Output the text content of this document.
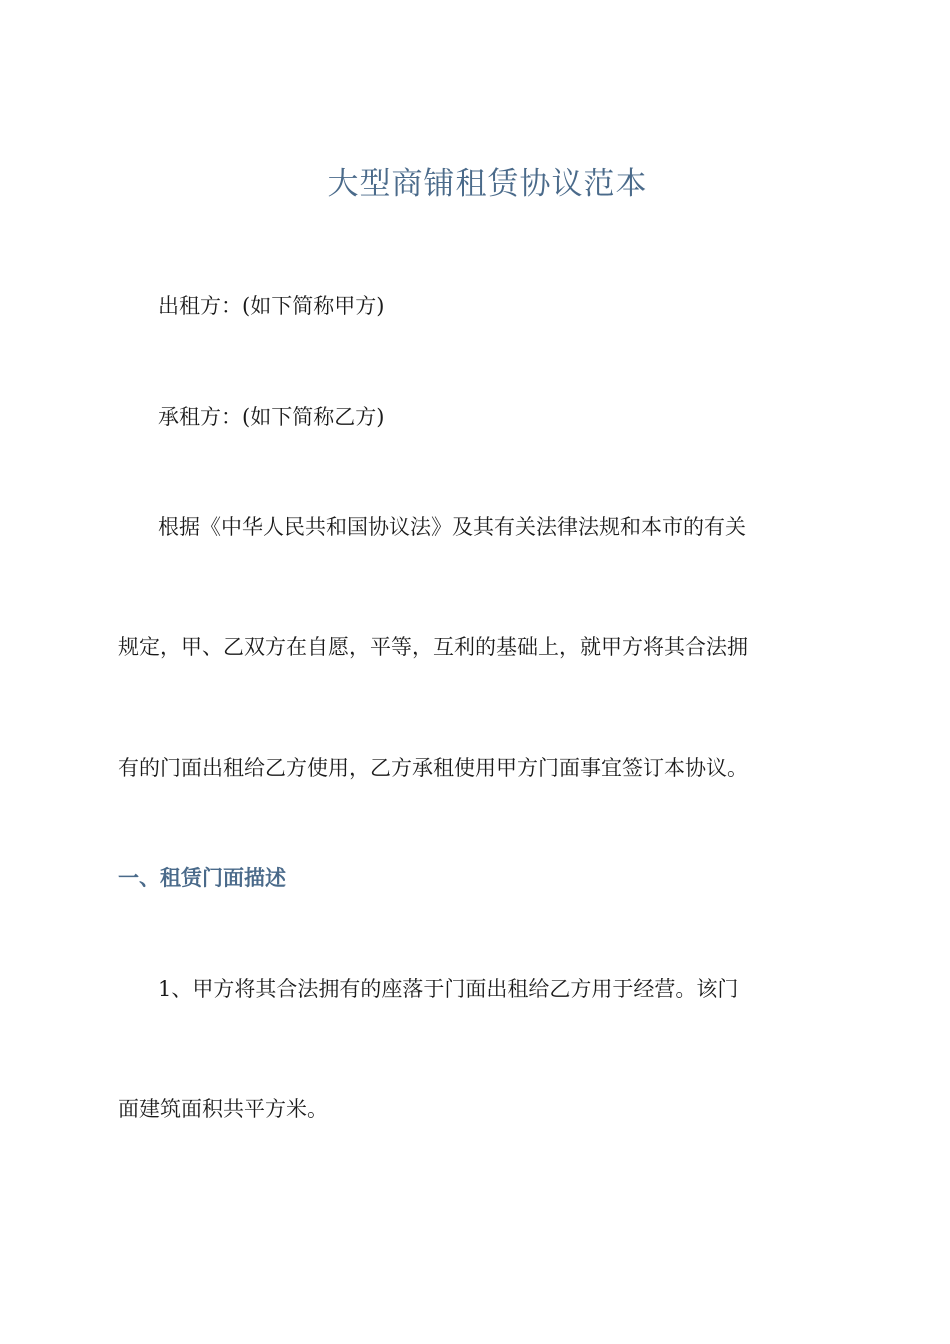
大型商铺租赁协议范本

出租方：(如下简称甲方)

承租方：(如下简称乙方)

根据《中华人民共和国协议法》及其有关法律法规和本市的有关

规定，甲、乙双方在自愿，平等，互利的基础上，就甲方将其合法拥

有的门面出租给乙方使用，乙方承租使用甲方门面事宜签订本协议。

一、租赁门面描述

1、甲方将其合法拥有的座落于门面出租给乙方用于经营。该门

面建筑面积共平方米。
